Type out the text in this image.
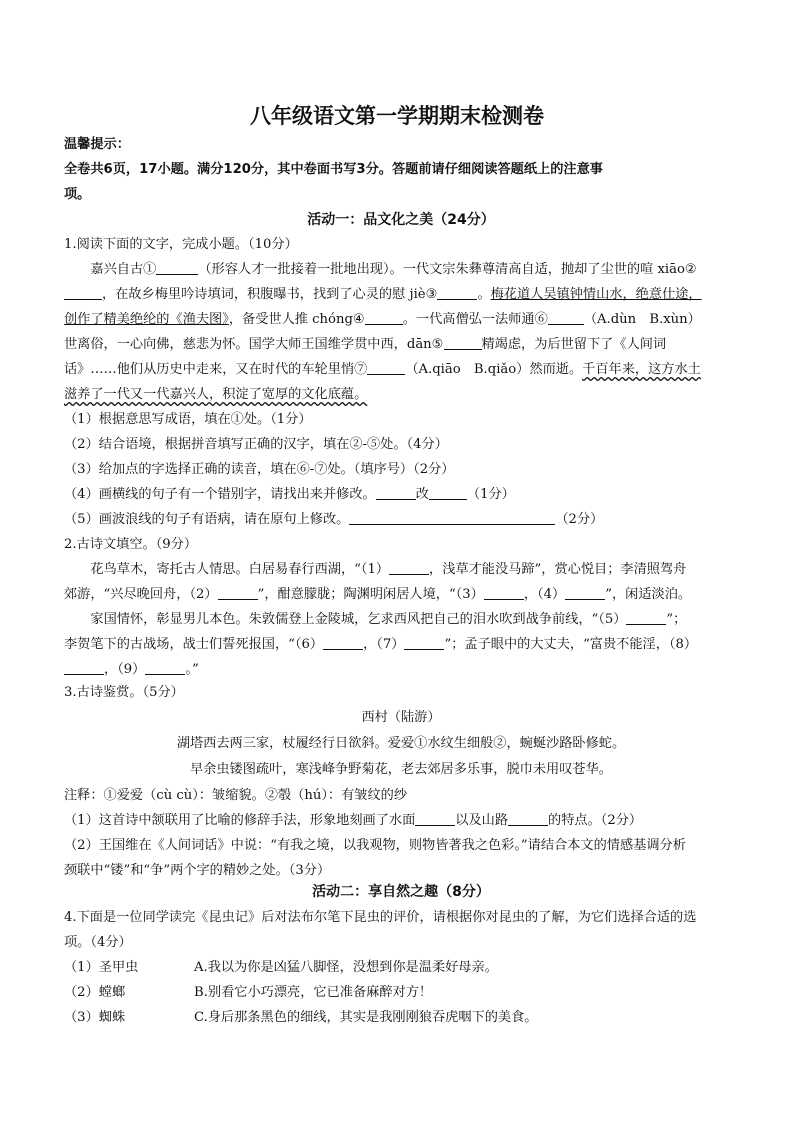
八年级语文第一学期期末检测卷
温馨提示：
全卷共6页，17小题。满分120分，其中卷面书写3分。答题前请仔细阅读答题纸上的注意事
项。
活动一：品文化之美（24分）
1.阅读下面的文字，完成小题。（10分）
嘉兴自古①	（形容人才一批接着一批地出现）。一代文宗朱彝尊清高自适，抛却了尘世的喧 xiāo②
，在故乡梅里吟诗填词，积腹曝书，找到了心灵的慰 jiè③	。梅花道人吴镇钟情山水，绝意仕途，
创作了精美绝纶的《渔夫图》，备受世人推 chóng④	。一代高僧弘一法师通⑥	（A.dùn　B.xùn）
世离俗，一心向佛，慈悲为怀。国学大师王国维学贯中西，dān⑤	精竭虑，为后世留下了《人间词
话》……他们从历史中走来，又在时代的车轮里悄⑦	（A.qiāo　B.qiǎo）然而逝。千百年来，这方水土
滋养了一代又一代嘉兴人，积淀了宽厚的文化底蕴。
（1）根据意思写成语，填在①处。（1分）
（2）结合语境，根据拼音填写正确的汉字，填在②-⑤处。（4分）
（3）给加点的字选择正确的读音，填在⑥-⑦处。（填序号）（2分）
（4）画横线的句子有一个错别字，请找出来并修改。	改	（1分）
（5）画波浪线的句子有语病，请在原句上修改。	（2分）
2.古诗文填空。（9分）
花鸟草木，寄托古人情思。白居易春行西湖，“（1）	，浅草才能没马蹄”，赏心悦目；李清照驾舟
郊游，“兴尽晚回舟，（2）	”，酣意朦胧；陶渊明闲居人境，“（3）	，（4）	”，闲适淡泊。
家国情怀，彰显男儿本色。朱敦儒登上金陵城，乞求西风把自己的泪水吹到战争前线，“（5）	”；
李贺笔下的古战场，战士们誓死报国，“（6）	，（7）	”；孟子眼中的大丈夫，“富贵不能淫，（8）
，（9）	。”
3.古诗鉴赏。（5分）
西村（陆游）
湖塔西去两三家，杖履经行日欲斜。爱爱①水纹生细般②，蜿蜒沙路卧修蛇。
早余虫镂图疏叶，寒浅峰争野菊花，老去郊居多乐事，脱巾未用叹苍华。
注释：①爱爱（cù cù）：皱缩貌。②彀（hú）：有皱纹的纱
（1）这首诗中颔联用了比喻的修辞手法，形象地刻画了水面	以及山路	的特点。（2分）
（2）王国维在《人间词话》中说：“有我之境，以我观物，则物皆著我之色彩。”请结合本文的情感基调分析
颈联中“镂”和“争”两个字的精妙之处。（3分）
活动二：享自然之趣（8分）
4.下面是一位同学读完《昆虫记》后对法布尔笔下昆虫的评价，请根据你对昆虫的了解，为它们选择合适的选
项。（4分）
（1）圣甲虫	A.我以为你是凶猛八脚怪，没想到你是温柔好母亲。
（2）螳螂	B.别看它小巧漂亮，它已准备麻醉对方！
（3）蜘蛛	C.身后那条黑色的细线，其实是我刚刚狼吞虎咽下的美食。
